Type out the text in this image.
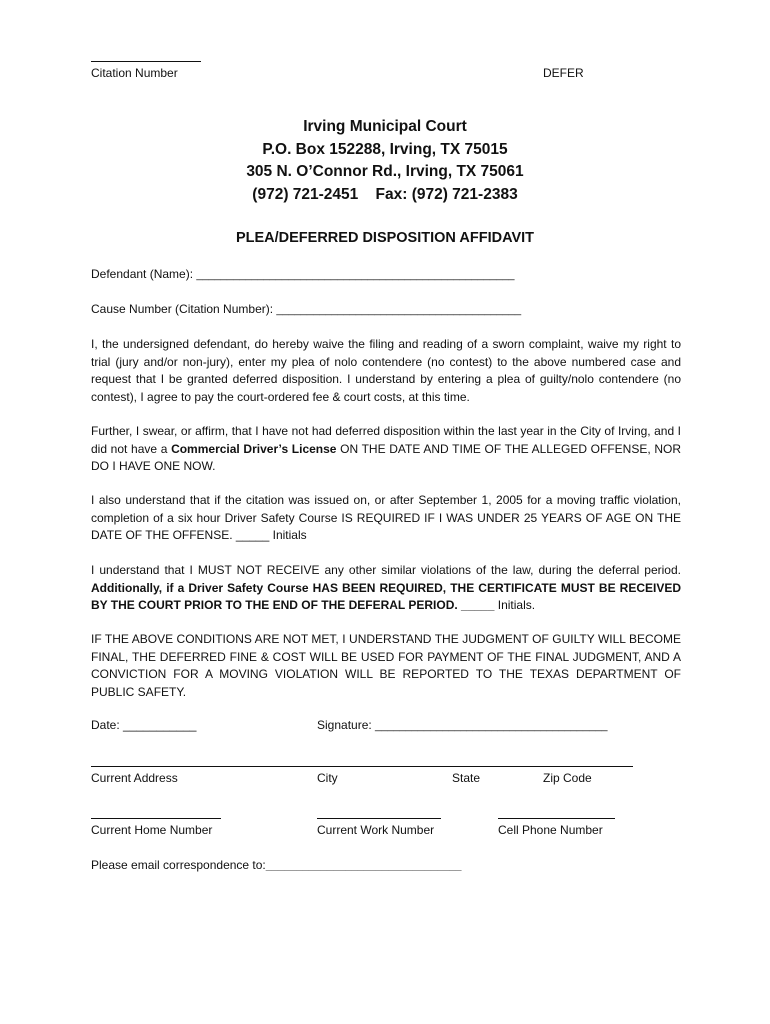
Citation Number	DEFER
Irving Municipal Court
P.O. Box 152288, Irving, TX 75015
305 N. O’Connor Rd., Irving, TX 75061
(972) 721-2451    Fax: (972) 721-2383
PLEA/DEFERRED DISPOSITION AFFIDAVIT
Defendant (Name): ____________________________________________________
Cause Number (Citation Number): ________________________________________

I, the undersigned defendant, do hereby waive the filing and reading of a sworn complaint, waive my right to trial (jury and/or non-jury), enter my plea of nolo contendere (no contest) to the above numbered case and request that I be granted deferred disposition. I understand by entering a plea of guilty/nolo contendere (no contest), I agree to pay the court-ordered fee & court costs, at this time.

Further, I swear, or affirm, that I have not had deferred disposition within the last year in the City of Irving, and I did not have a Commercial Driver’s License ON THE DATE AND TIME OF THE ALLEGED OFFENSE, NOR DO I HAVE ONE NOW.

I also understand that if the citation was issued on, or after September 1, 2005 for a moving traffic violation, completion of a six hour Driver Safety Course IS REQUIRED IF I WAS UNDER 25 YEARS OF AGE ON THE DATE OF THE OFFENSE. _____ Initials

I understand that I MUST NOT RECEIVE any other similar violations of the law, during the deferral period. Additionally, if a Driver Safety Course HAS BEEN REQUIRED, THE CERTIFICATE MUST BE RECEIVED BY THE COURT PRIOR TO THE END OF THE DEFERAL PERIOD. _____ Initials.

IF THE ABOVE CONDITIONS ARE NOT MET, I UNDERSTAND THE JUDGMENT OF GUILTY WILL BECOME FINAL, THE DEFERRED FINE & COST WILL BE USED FOR PAYMENT OF THE FINAL JUDGMENT, AND A CONVICTION FOR A MOVING VIOLATION WILL BE REPORTED TO THE TEXAS DEPARTMENT OF PUBLIC SAFETY.

Date: ___________	Signature: ______________________________________
Current Address	City	State	Zip Code
Current Home Number	Current Work Number	Cell Phone Number
Please email correspondence to:________________________________
